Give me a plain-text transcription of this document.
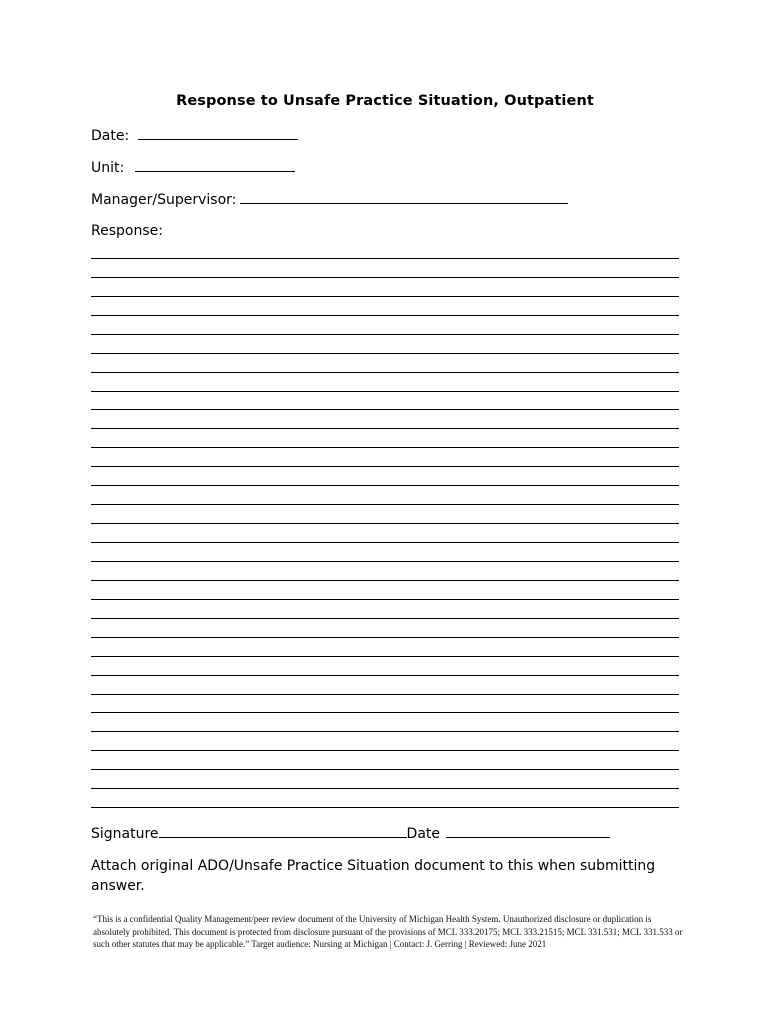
Response to Unsafe Practice Situation, Outpatient
Date:
Unit:
Manager/Supervisor:
Response:
Signature	Date
Attach original ADO/Unsafe Practice Situation document to this when submitting answer.
“This is a confidential Quality Management/peer review document of the University of Michigan Health System. Unauthorized disclosure or duplication is absolutely prohibited. This document is protected from disclosure pursuant of the provisions of MCL 333.20175; MCL 333.21515; MCL 331.531; MCL 331.533 or such other statutes that may be applicable.” Target audience: Nursing at Michigan | Contact: J. Gerring | Reviewed: June 2021
